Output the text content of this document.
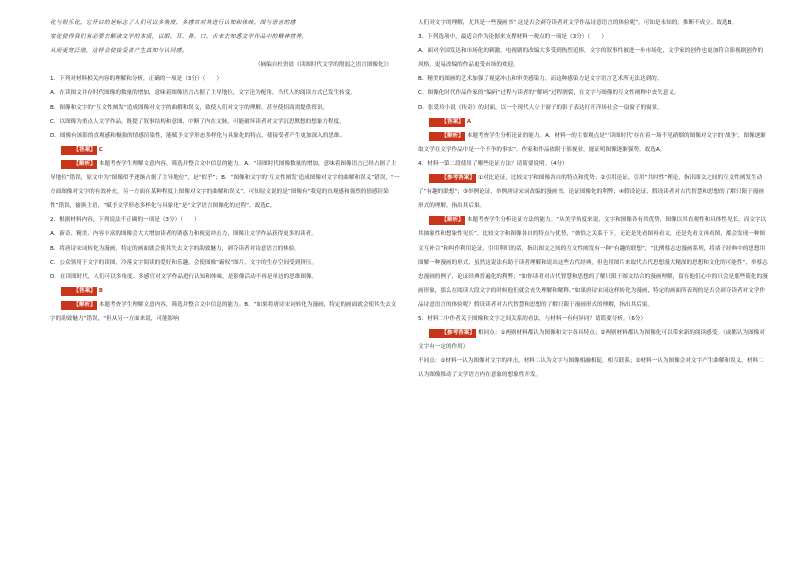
化与娱乐化。它开启的是标志了人们可以多角度、多感官对其进行认知和体味。图与语言的感
家化使得我们有必要去解读文学的本质，以眼、耳、鼻、口、舌来去知悉文学作品中的精神营养，
从而更宽泛地，这样会使接受者产生真知与认同感。
（摘编自杜贵晨《读图时代文学的削弱之语言图像化》）
1．下列对材料相关内容的理解和分析，正确的一项是（3分）（　　）
A．在读图文并存时代图像的数量的增加，意味着图像语言占据了主导地位，文字沦为配角，当代人的阅读方式已发生转变。
B．图像和文字的“互文性阐发”造成图像对文字的曲解和误义，致使人们对文字的理解，甚至使招商需提供资讯。
C．以图像为重点人文学作品，既提了叙事结构和意图，中断了内在文脉，可能破坏读者对文学沉思默想的想象力程度。
D．图像有该影的直观感和极强的情感渲染性，能赋予文学形态多样化与具象化的特点，使接受者产生更加深入的思维。
【答案】 C
【解析】 本题考查学生理解文意内容，筛选并整合文中信息的能力。A．“读图时代图像数量的增加，意味着图像语言已经占据了主导地位”错误，原文中为“图像似乎逐渐占据了主导地位”，是“似乎”；B．“图像和文字的‘互文性阐发’造成图像对文字的曲解和误义”错误，“一方面图像对文字的有效补充，另一方面在某种程度上图像对文字的曲解和误义”，可知原文说的是“图像有”我觉的直观感和强烈的情感渲染性”错误，偷换主语，“赋予文学形态多样化与具象化”是“文学语言图像化的过程”，故选C。
2．根据材料内容，下列说法不正确的一项是（3分）（　　）
A．新奇、精美、内容丰富的图像会大大增加读者的诱惑力和视觉冲击力，图像让文学作品获得更多的读者。
B．将唐诗宋词转化为漫画，特定的画面就会使其失去文字的韵致魅力，剥夺读者对诗意语言的体验。
C．公众领用于文字的读图，冷落文字阅读的爱好和乐趣，会使图像“霸权”图片，文字的生存空间受到挤压。
D．在读图时代，人们可以多角度、多感官对文学作品进行认知和体味，是影像活动不再是单边的思维图像。
【答案】 B
【解析】 本题考查学生理解文意内容，筛选并整合文中信息的能力。B．“如果将唐诗宋词转化为漫画，特定的画面就会使其失去文字的韵致魅力”错误，“但从另一方面来说，可能影响
人们对文字的理解，尤其是一些漫画书” 这是否会剥夺读者对文学作品诗意语言的体验呢”，可知是未知的，推断不成立。故选B。
3．下列选项中，最适合作为论据来支撑材料一观点的一项是（3分）（　　）
A．面对全国发达和市场化的刺激，电视剧的改编大多受到热烈追捧，文字的叙事性被进一步市场化，文学家的创作也更加符合影视剧创作的风格，更易改编的作品更受市场的欢迎。
B．精美的图画的艺术加强了视觉冲击和审美感染力，而这种感染力是文字语言艺术所无法达到的。
C．图像化时代作品作家的“编码”过程与读者的“解码”过程割裂，在文字与图像的互文性阐释中丧失意义。
D．张爱玲小说《传奇》的封面，以一个现代人立于窗子的影子表达打开洋场社会一扇窗子的窗景。
【答案】 A
【解析】 本题考查学生分析论证的能力。A．材料一的主要观点是“‘读图时代’存在着一场不见硝烟的图像对文字的‘战争’，图像逐渐取文学在文学作品中是一个不争的事实”。作家和作品依附于影视业，能证明图像逐渐强势。故选A。
4．材料一第二段使用了哪些论证方法？请简要说明。（4分）
【参考答案】 ①对比论证，比较文字和图像各自的特点和优势；②引用论证，引用“共时性”理论，指出图文之间的互文性阐发生动了“有趣的联想”；③举例论证，举例唐诗宋词改编的漫画书，论证图像化的利弊；④假设论证，假设读者对古代智慧和思想的了解只限于漫画形式的理解，指出其后果。
【解析】 本题考查学生分析论证方法的能力。“从美学角度来说，文字和图像各有其优势，图像以其直观性和具体性见长，而文字以其抽象性和想象性见长”，比较文字和图像各自的特点与优势，“彼恰之关系于下，无论是先看图再看文，还是先看文再看图，都会发现一种图文互补合”和叫作利用论证，引用利归的话，指出图文之间的互文性阐发有一种“有趣的联想”，“比例蔡志忠漫画系列，将诸子经典中的思想用图解一种漫画的形式，虽然这说法有助于读者理解和说出这些古代经典，但也用图片来取代古代思想漫大精深的思想和文化的可能性”，举蔡志忠漫画的例子，论证经典普遍化的利弊；“如你读者对古代智慧和思想的了解只限于图文结合的漫画理解，留在他们心中的只会是那些简化的漫画形象，那么在阅读大段文字的时候他们就会丧失理解和解释。”如果唐诗宋词这样转化为漫画，特定的画面所表现的是否会剥夺读者对文学作品诗意语言的体验呢？假设读者对古代智慧和思想的了解只限于漫画形式的理解，指出其后果。
5．材料二中作者关于图像和文字之间关系的看法，与材料一有何异同？请简要分析。（6分）
【参考答案】 相同点：①两则材料都认为图像和文字各具特点；②两则材料都认为图像化可以带来新的阅读感受。（或都认为图像对文字有一定的作用）
不同点：①材料一认为图像对文字的冲击，材料二认为文字与图像相融相促，相互联系；②材料一认为图像会对文字产生曲解和误义，材料二认为图像推动了文学语言内在意象的想象性开发。
